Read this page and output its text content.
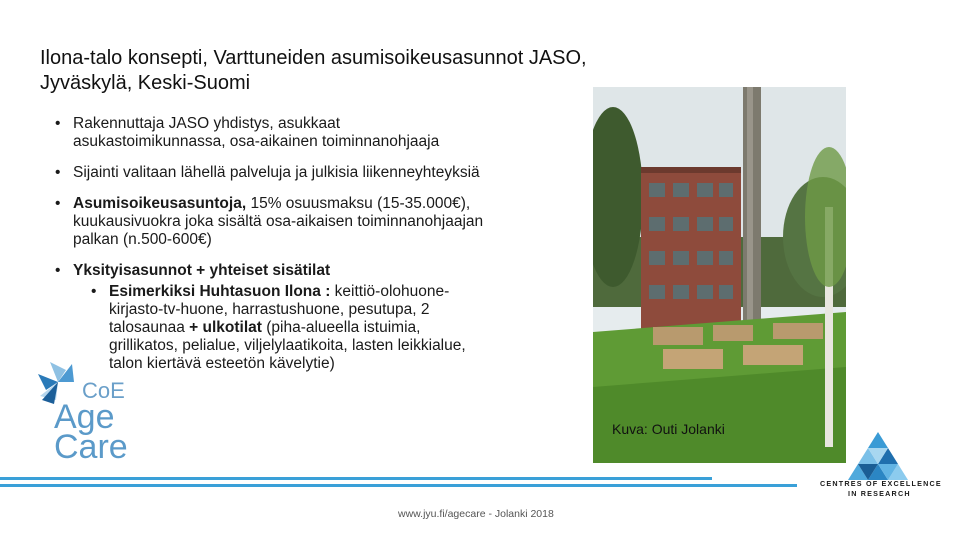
Ilona-talo konsepti, Varttuneiden asumisoikeusasunnot JASO,
Jyväskylä, Keski-Suomi
• Rakennuttaja JASO yhdistys, asukkaat
asukastoimikunnassa, osa-aikainen toiminnanohjaaja
• Sijainti valitaan lähellä palveluja ja julkisia liikenneyhteyksiä
• Asumisoikeusasuntoja, 15% osuusmaksu (15-35.000€),
kuukausivuokra joka sisältä osa-aikaisen toiminnanohjaajan
palkan (n.500-600€)
• Yksityisasunnot + yhteiset sisätilat
• Esimerkiksi Huhtasuon Ilona : keittiö-olohuone-
kirjasto-tv-huone, harrastushuone, pesutupa, 2
talosaunaa + ulkotilat (piha-alueella istuimia,
grillikatos, pelialue, viljelylaatikoita, lasten leikkialue,
talon kiertävä esteetön kävelytie)
Kuva: Outi Jolanki
CoE
Age
Care
CENTRES OF EXCELLENCE
IN RESEARCH
www.jyu.fi/agecare - Jolanki 2018
